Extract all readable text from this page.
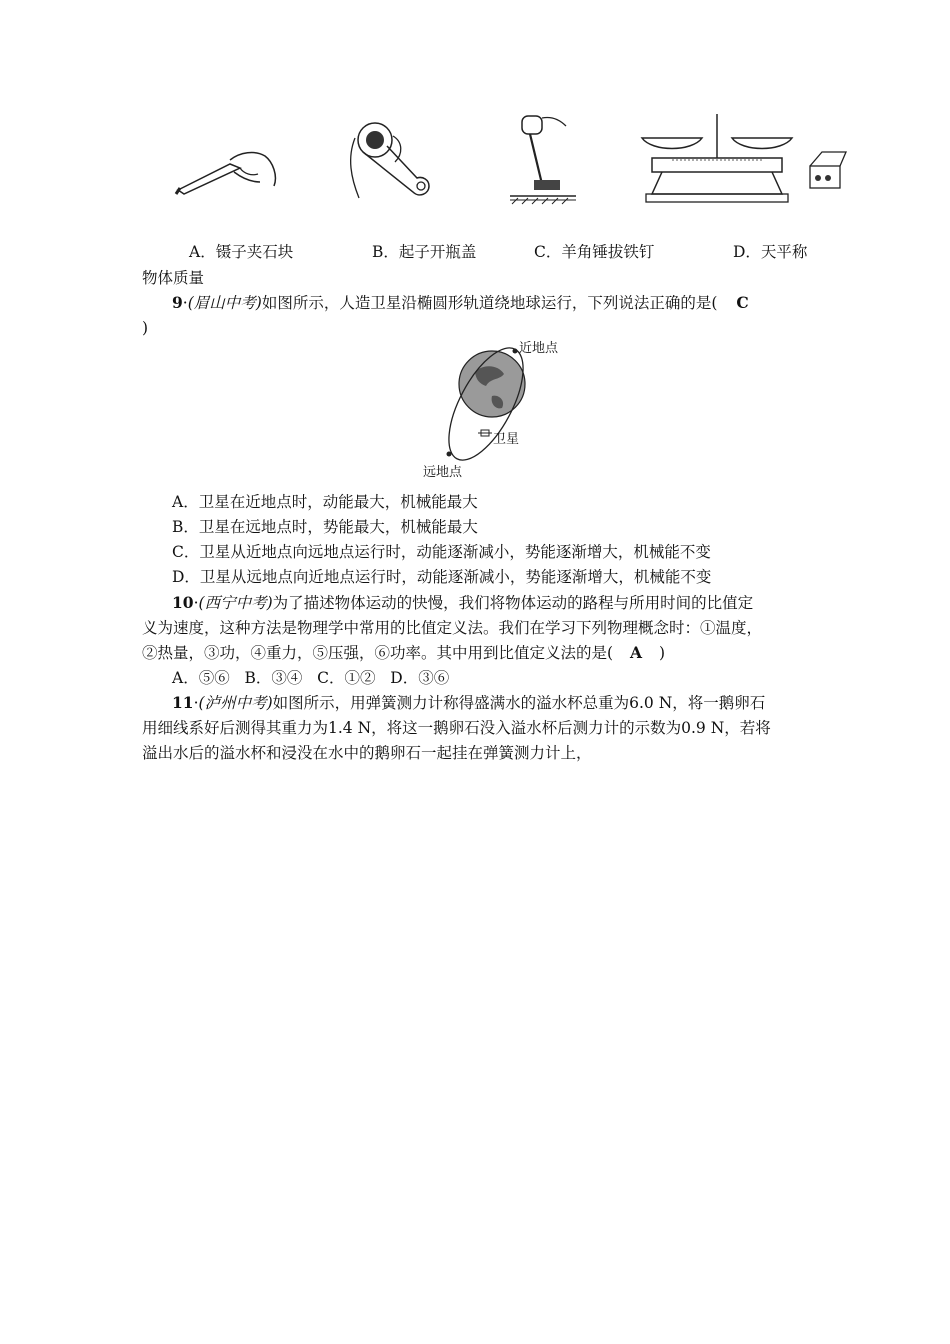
A．镊子夹石块	B．起子开瓶盖	C．羊角锤拔铁钉	D．天平称
物体质量
9·(眉山中考)如图所示，人造卫星沿椭圆形轨道绕地球运行，下列说法正确的是( C
)
近地点
卫星
远地点
A．卫星在近地点时，动能最大，机械能最大
B．卫星在远地点时，势能最大，机械能最大
C．卫星从近地点向远地点运行时，动能逐渐减小，势能逐渐增大，机械能不变
D．卫星从远地点向近地点运行时，动能逐渐减小，势能逐渐增大，机械能不变
10·(西宁中考)为了描述物体运动的快慢，我们将物体运动的路程与所用时间的比值定
义为速度，这种方法是物理学中常用的比值定义法。我们在学习下列物理概念时：①温度，
②热量，③功，④重力，⑤压强，⑥功率。其中用到比值定义法的是( A )
A．⑤⑥   B．③④   C．①②   D．③⑥
11·(泸州中考)如图所示，用弹簧测力计称得盛满水的溢水杯总重为6.0 N，将一鹅卵石
用细线系好后测得其重力为1.4 N，将这一鹅卵石没入溢水杯后测力计的示数为0.9 N，若将
溢出水后的溢水杯和浸没在水中的鹅卵石一起挂在弹簧测力计上，
